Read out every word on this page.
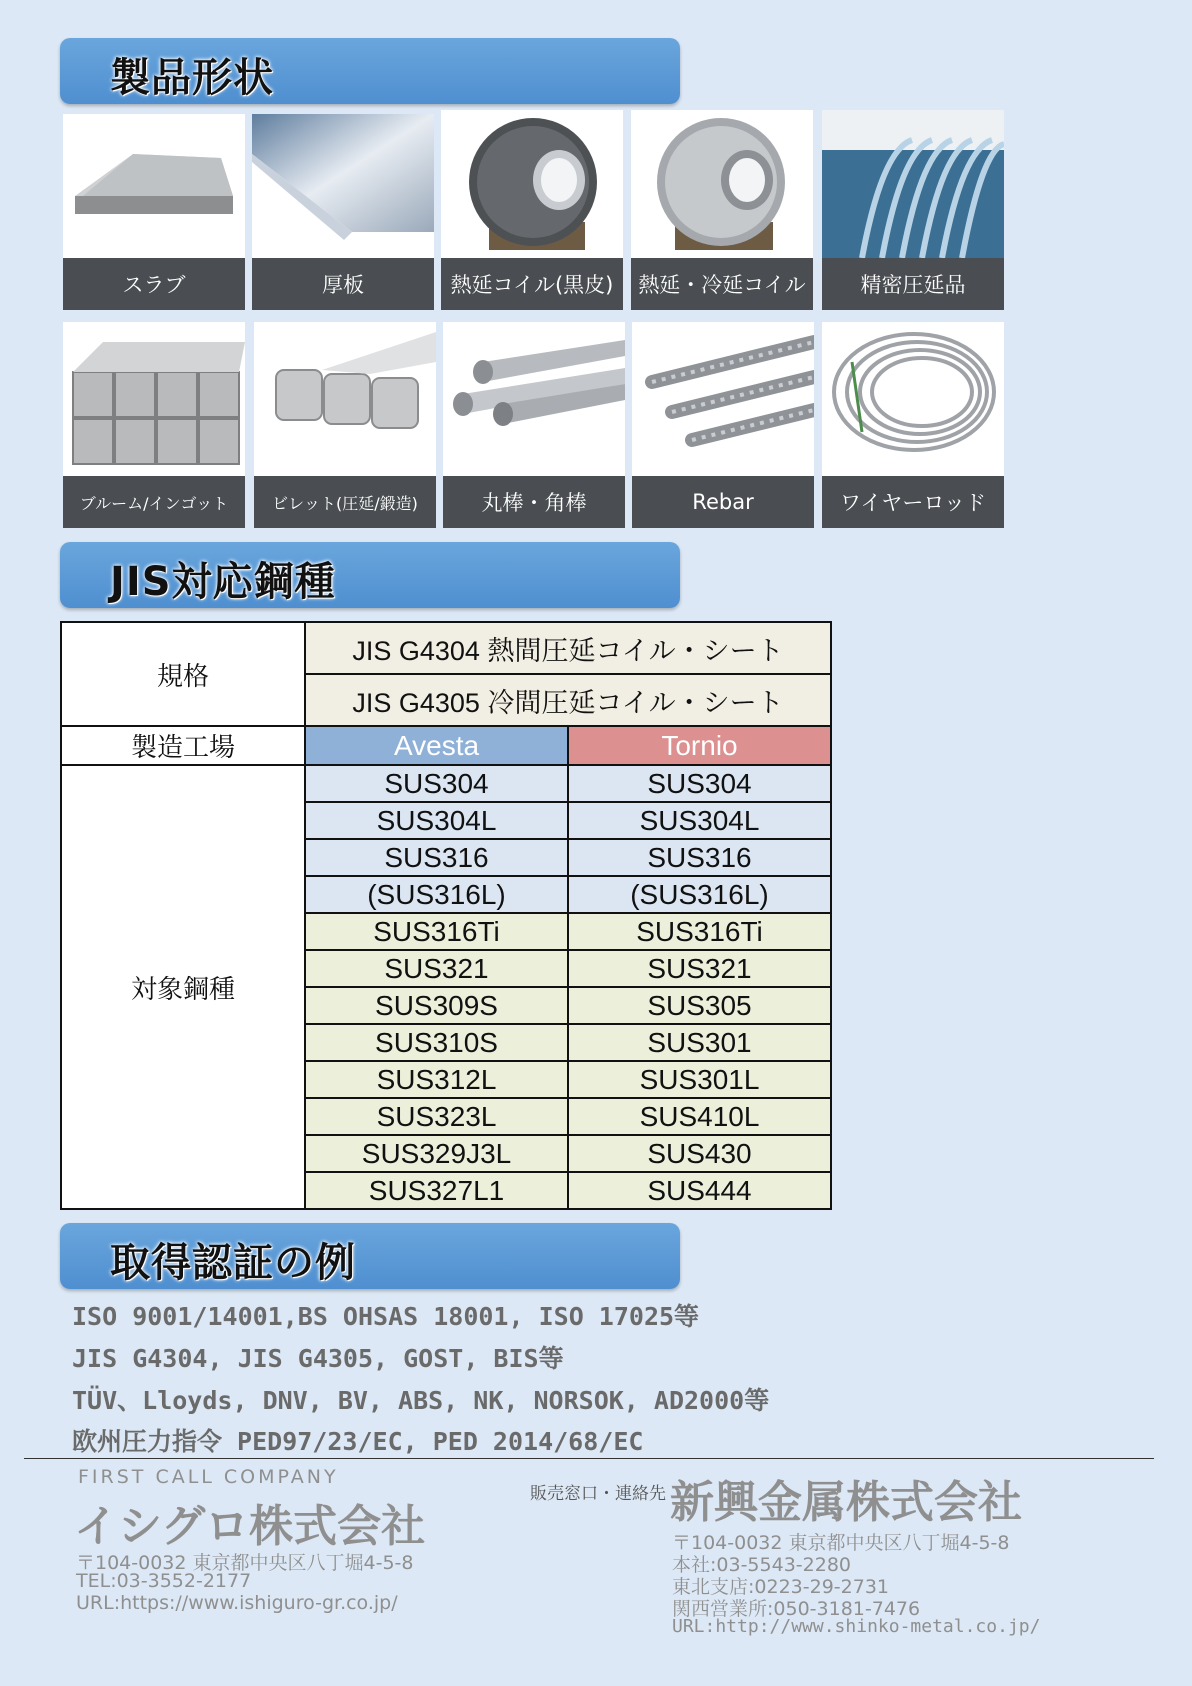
製品形状
スラブ	厚板	熱延コイル(黒皮)	熱延・冷延コイル	精密圧延品
ブルーム/インゴット	ビレット(圧延/鍛造)	丸棒・角棒	Rebar	ワイヤーロッド
JIS対応鋼種
規格	JIS G4304 熱間圧延コイル・シート	
	JIS G4305 冷間圧延コイル・シート	
製造工場	Avesta	Tornio
対象鋼種	SUS304	SUS304
	SUS304L	SUS304L
	SUS316	SUS316
	(SUS316L)	(SUS316L)
	SUS316Ti	SUS316Ti
	SUS321	SUS321
	SUS309S	SUS305
	SUS310S	SUS301
	SUS312L	SUS301L
	SUS323L	SUS410L
	SUS329J3L	SUS430
	SUS327L1	SUS444
取得認証の例
ISO 9001/14001,BS OHSAS 18001, ISO 17025等
JIS G4304, JIS G4305, GOST, BIS等
TÜV、Lloyds, DNV, BV, ABS, NK, NORSOK, AD2000等
欧州圧力指令 PED97/23/EC, PED 2014/68/EC
FIRST CALL COMPANY
イシグロ株式会社
〒104-0032 東京都中央区八丁堀4-5-8
TEL:03-3552-2177
URL:https://www.ishiguro-gr.co.jp/
販売窓口・連絡先 新興金属株式会社
〒104-0032 東京都中央区八丁堀4-5-8
本社:03-5543-2280
東北支店:0223-29-2731
関西営業所:050-3181-7476
URL:http://www.shinko-metal.co.jp/
